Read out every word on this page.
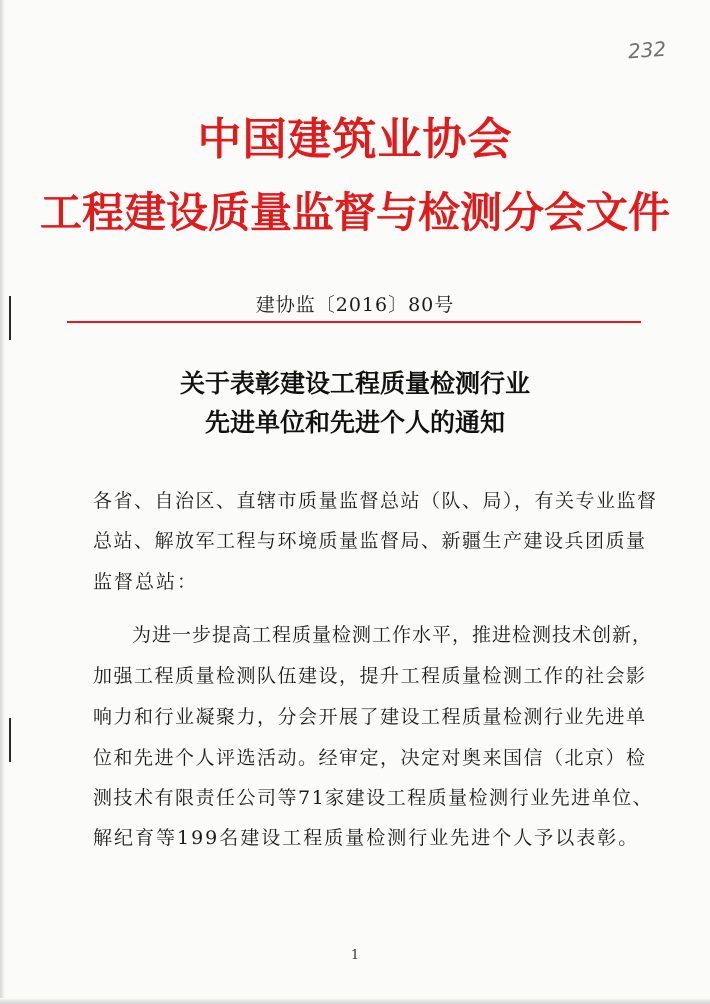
232
中国建筑业协会
工程建设质量监督与检测分会文件
建协监〔2016〕80号
关于表彰建设工程质量检测行业
先进单位和先进个人的通知
各省、自治区、直辖市质量监督总站（队、局），有关专业监督
总站、解放军工程与环境质量监督局、新疆生产建设兵团质量
监督总站：
为进一步提高工程质量检测工作水平，推进检测技术创新，
加强工程质量检测队伍建设，提升工程质量检测工作的社会影
响力和行业凝聚力，分会开展了建设工程质量检测行业先进单
位和先进个人评选活动。经审定，决定对奥来国信（北京）检
测技术有限责任公司等71家建设工程质量检测行业先进单位、
解纪育等199名建设工程质量检测行业先进个人予以表彰。
1
